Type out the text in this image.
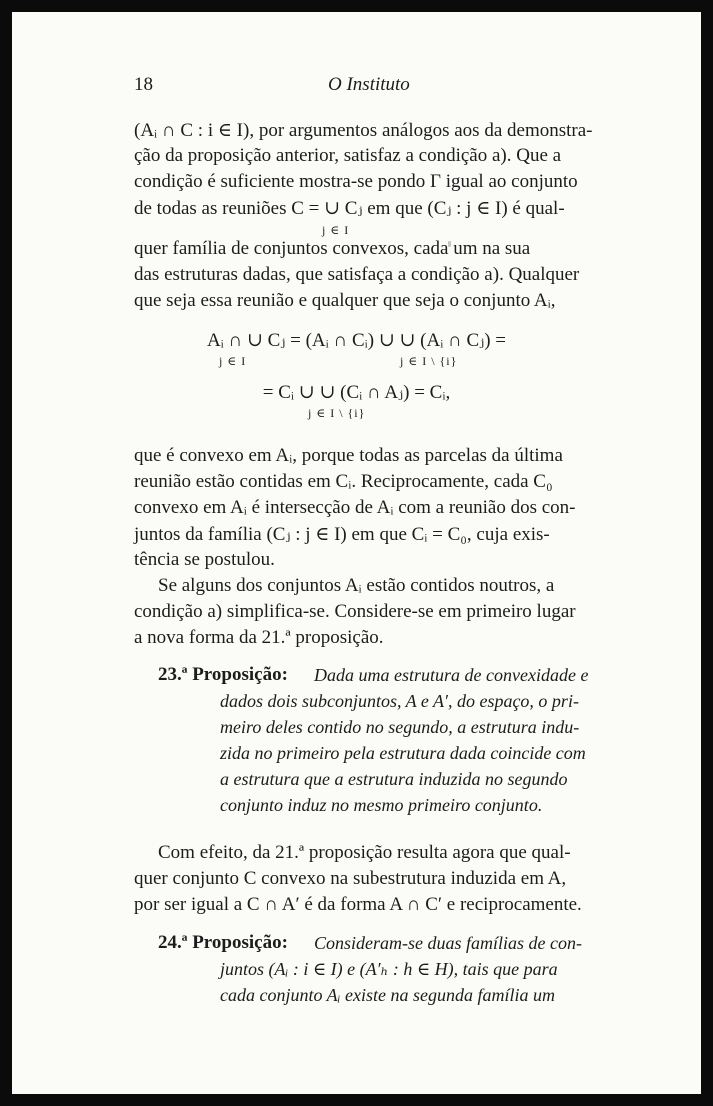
18	O Instituto
(Aᵢ ∩ C : i ∈ I), por argumentos análogos aos da demonstra-
ção da proposição anterior, satisfaz a condição a). Que a
condição é suficiente mostra-se pondo Γ igual ao conjunto
de todas as reuniões C = ∪ Cⱼ em que (Cⱼ : j ∈ I) é qual-
j ∈ I
quer família de conjuntos convexos, cada um na sua
das estruturas dadas, que satisfaça a condição a). Qualquer
que seja essa reunião e qualquer que seja o conjunto Aᵢ,
Aᵢ ∩ ∪ Cⱼ = (Aᵢ ∩ Cᵢ) ∪ ∪ (Aᵢ ∩ Cⱼ) =
j ∈ I	j ∈ I \ {i}
= Cᵢ ∪ ∪ (Cᵢ ∩ Aⱼ) = Cᵢ,
j ∈ I \ {i}
que é convexo em Aᵢ, porque todas as parcelas da última
reunião estão contidas em Cᵢ. Reciprocamente, cada C₀
convexo em Aᵢ é intersecção de Aᵢ com a reunião dos con-
juntos da família (Cⱼ : j ∈ I) em que Cᵢ = C₀, cuja exis-
tência se postulou.
Se alguns dos conjuntos Aᵢ estão contidos noutros, a
condição a) simplifica-se. Considere-se em primeiro lugar
a nova forma da 21.ª proposição.
23.ª Proposição: Dada uma estrutura de convexidade e
dados dois subconjuntos, A e A′, do espaço, o pri-
meiro deles contido no segundo, a estrutura indu-
zida no primeiro pela estrutura dada coincide com
a estrutura que a estrutura induzida no segundo
conjunto induz no mesmo primeiro conjunto.
Com efeito, da 21.ª proposição resulta agora que qual-
quer conjunto C convexo na subestrutura induzida em A,
por ser igual a C ∩ A′ é da forma A ∩ C′ e reciprocamente.
24.ª Proposição: Consideram-se duas famílias de con-
juntos (Aᵢ : i ∈ I) e (A′ₕ : h ∈ H), tais que para
cada conjunto Aᵢ existe na segunda família um
